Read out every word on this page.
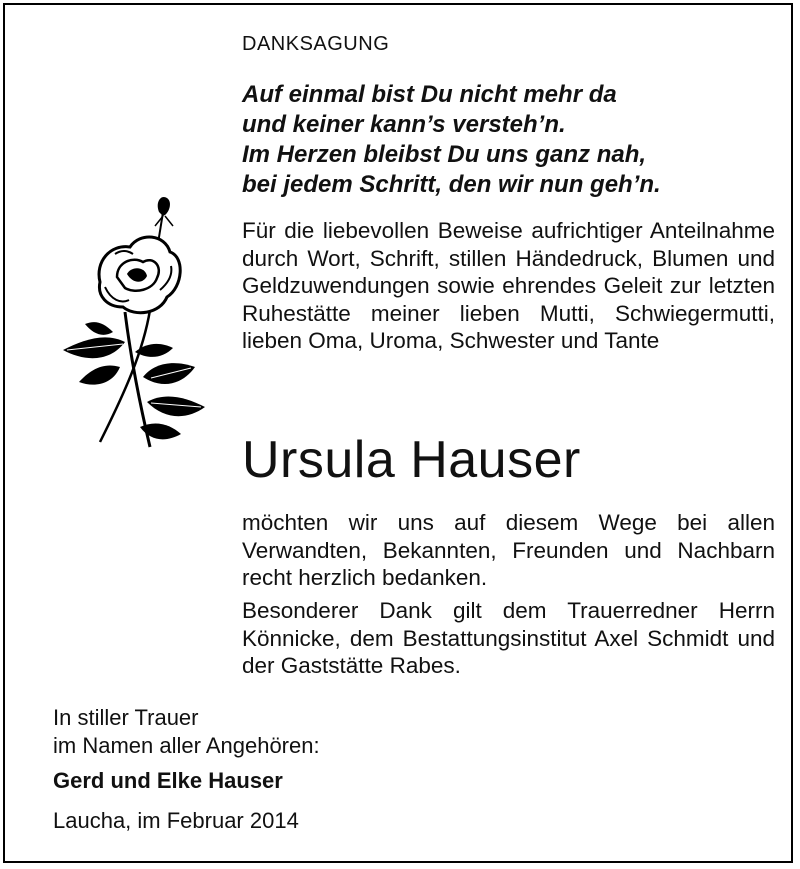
DANKSAGUNG
Auf einmal bist Du nicht mehr da
und keiner kann’s versteh’n.
Im Herzen bleibst Du uns ganz nah,
bei jedem Schritt, den wir nun geh’n.
Für die liebevollen Beweise aufrichtiger Anteilnahme durch Wort, Schrift, stillen Händedruck, Blumen und Geldzuwendungen sowie ehrendes Geleit zur letzten Ruhestätte meiner lieben Mutti, Schwiegermutti, lieben Oma, Uroma, Schwester und Tante
Ursula Hauser
möchten wir uns auf diesem Wege bei allen Verwandten, Bekannten, Freunden und Nachbarn recht herzlich bedanken.
Besonderer Dank gilt dem Trauerredner Herrn Könnicke, dem Bestattungsinstitut Axel Schmidt und der Gaststätte Rabes.
In stiller Trauer
im Namen aller Angehören:
Gerd und Elke Hauser
Laucha, im Februar 2014
